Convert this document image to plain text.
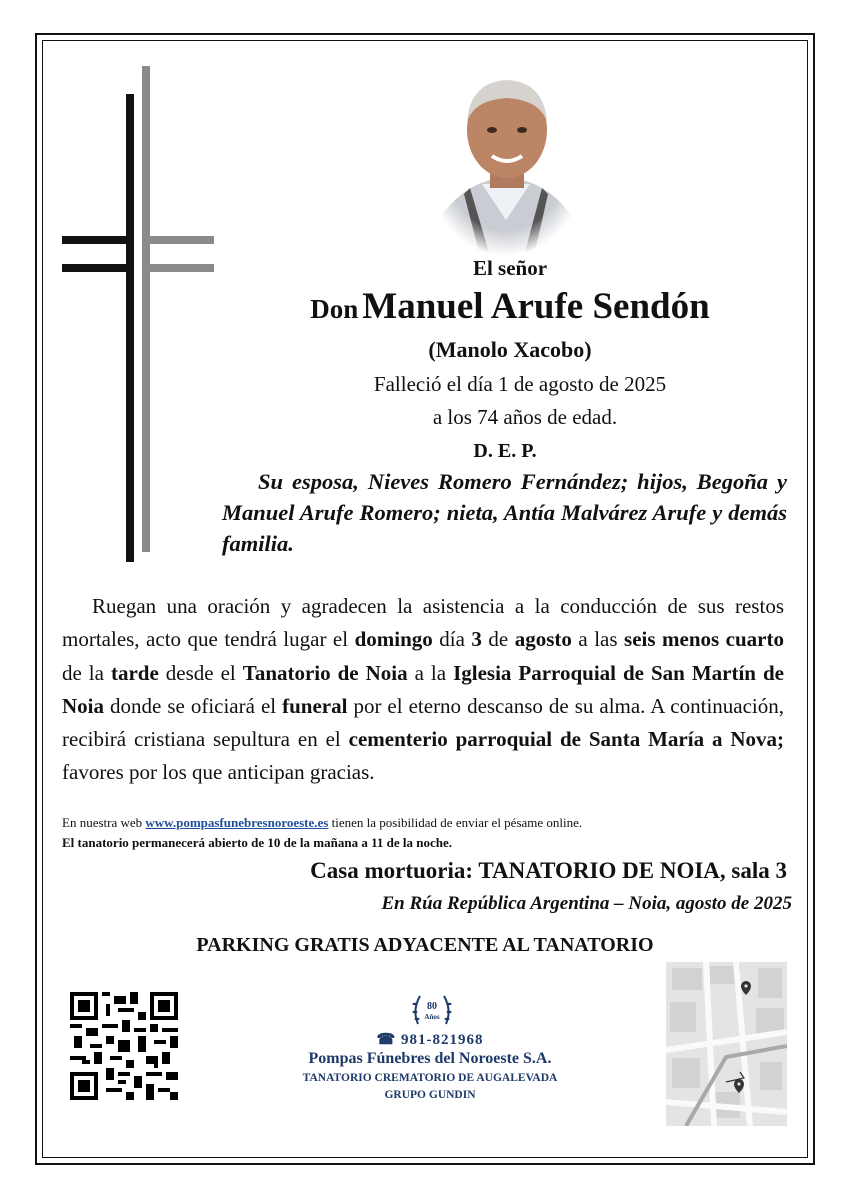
El señor
Don Manuel Arufe Sendón
(Manolo Xacobo)
Falleció el día 1 de agosto de 2025
a los 74 años de edad.
D. E. P.
Su esposa, Nieves Romero Fernández; hijos, Begoña y Manuel Arufe Romero; nieta, Antía Malvárez Arufe y demás familia.
Ruegan una oración y agradecen la asistencia a la conducción de sus restos mortales, acto que tendrá lugar el domingo día 3 de agosto a las seis menos cuarto de la tarde desde el Tanatorio de Noia a la Iglesia Parroquial de San Martín de Noia donde se oficiará el funeral por el eterno descanso de su alma. A continuación, recibirá cristiana sepultura en el cementerio parroquial de Santa María a Nova; favores por los que anticipan gracias.
En nuestra web www.pompasfunebresnoroeste.es tienen la posibilidad de enviar el pésame online.
El tanatorio permanecerá abierto de 10 de la mañana a 11 de la noche.
Casa mortuoria: TANATORIO DE NOIA, sala 3
En Rúa República Argentina – Noia, agosto de 2025
PARKING GRATIS ADYACENTE AL TANATORIO
80
Años
☎ 981-821968
Pompas Fúnebres del Noroeste S.A.
TANATORIO CREMATORIO DE AUGALEVADA
GRUPO GUNDIN
